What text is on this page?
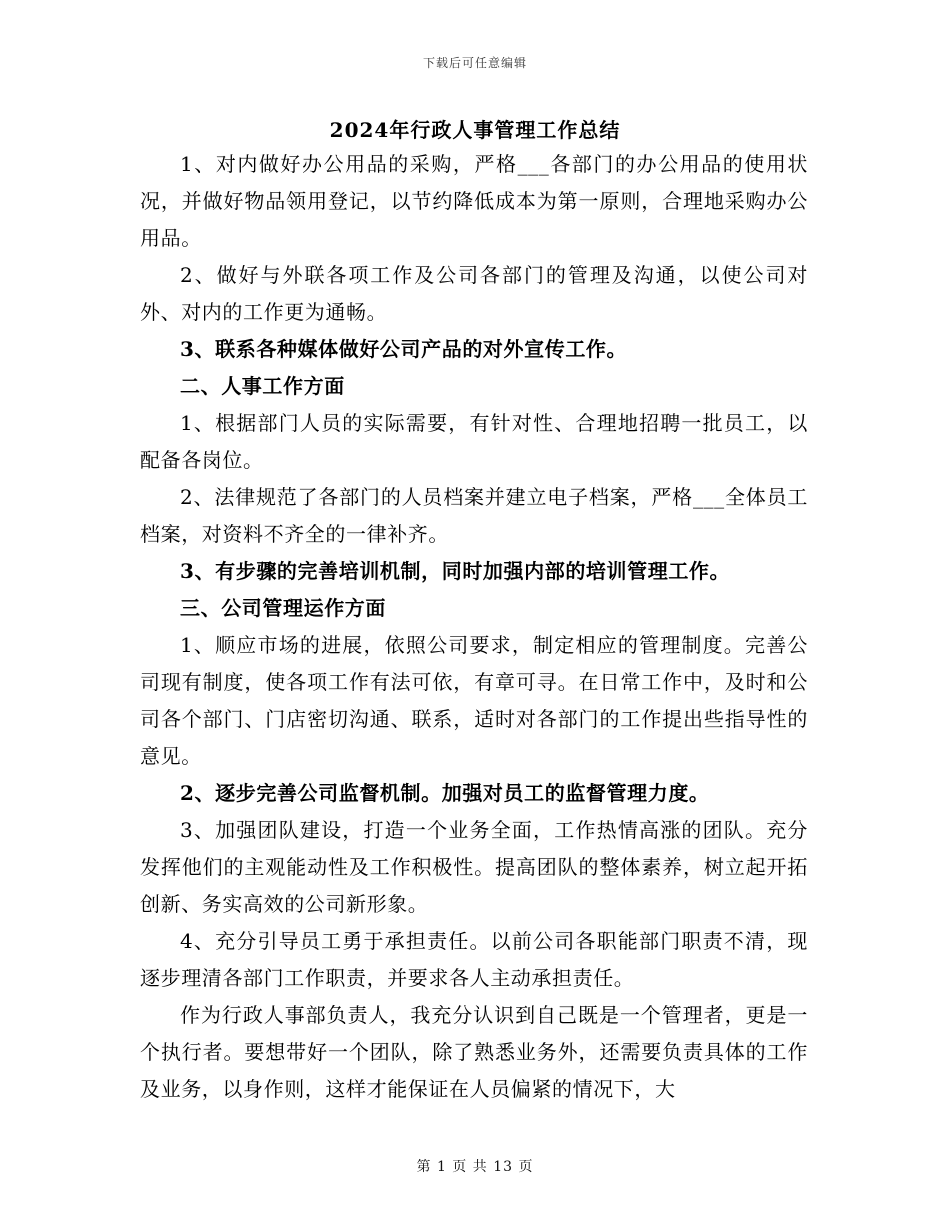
下载后可任意编辑
2024年行政人事管理工作总结

1、对内做好办公用品的采购，严格___各部门的办公用品的使用状况，并做好物品领用登记，以节约降低成本为第一原则，合理地采购办公用品。

2、做好与外联各项工作及公司各部门的管理及沟通，以使公司对外、对内的工作更为通畅。

3、联系各种媒体做好公司产品的对外宣传工作。

二、人事工作方面

1、根据部门人员的实际需要，有针对性、合理地招聘一批员工，以配备各岗位。

2、法律规范了各部门的人员档案并建立电子档案，严格___全体员工档案，对资料不齐全的一律补齐。

3、有步骤的完善培训机制，同时加强内部的培训管理工作。

三、公司管理运作方面

1、顺应市场的进展，依照公司要求，制定相应的管理制度。完善公司现有制度，使各项工作有法可依，有章可寻。在日常工作中，及时和公司各个部门、门店密切沟通、联系，适时对各部门的工作提出些指导性的意见。

2、逐步完善公司监督机制。加强对员工的监督管理力度。

3、加强团队建设，打造一个业务全面，工作热情高涨的团队。充分发挥他们的主观能动性及工作积极性。提高团队的整体素养，树立起开拓创新、务实高效的公司新形象。

4、充分引导员工勇于承担责任。以前公司各职能部门职责不清，现逐步理清各部门工作职责，并要求各人主动承担责任。

作为行政人事部负责人，我充分认识到自己既是一个管理者，更是一个执行者。要想带好一个团队，除了熟悉业务外，还需要负责具体的工作及业务，以身作则，这样才能保证在人员偏紧的情况下，大

第 1 页 共 13 页
